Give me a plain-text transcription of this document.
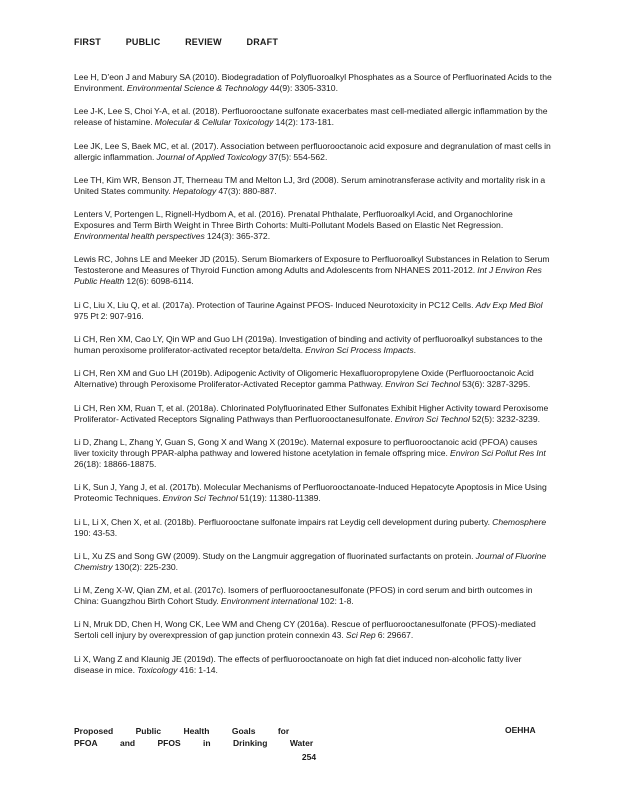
FIRST	PUBLIC	REVIEW	DRAFT

Lee H, D’eon J and Mabury SA (2010). Biodegradation of Polyfluoroalkyl Phosphates as a Source of Perfluorinated Acids to the Environment. Environmental Science & Technology 44(9): 3305-3310.

Lee J-K, Lee S, Choi Y-A, et al. (2018). Perfluorooctane sulfonate exacerbates mast cell-mediated allergic inflammation by the release of histamine. Molecular & Cellular Toxicology 14(2): 173-181.

Lee JK, Lee S, Baek MC, et al. (2017). Association between perfluorooctanoic acid exposure and degranulation of mast cells in allergic inflammation. Journal of Applied Toxicology 37(5): 554-562.

Lee TH, Kim WR, Benson JT, Therneau TM and Melton LJ, 3rd (2008). Serum aminotransferase activity and mortality risk in a United States community. Hepatology 47(3): 880-887.

Lenters V, Portengen L, Rignell-Hydbom A, et al. (2016). Prenatal Phthalate, Perfluoroalkyl Acid, and Organochlorine Exposures and Term Birth Weight in Three Birth Cohorts: Multi-Pollutant Models Based on Elastic Net Regression. Environmental health perspectives 124(3): 365-372.

Lewis RC, Johns LE and Meeker JD (2015). Serum Biomarkers of Exposure to Perfluoroalkyl Substances in Relation to Serum Testosterone and Measures of Thyroid Function among Adults and Adolescents from NHANES 2011-2012. Int J Environ Res Public Health 12(6): 6098-6114.

Li C, Liu X, Liu Q, et al. (2017a). Protection of Taurine Against PFOS- Induced Neurotoxicity in PC12 Cells. Adv Exp Med Biol 975 Pt 2: 907-916.

Li CH, Ren XM, Cao LY, Qin WP and Guo LH (2019a). Investigation of binding and activity of perfluoroalkyl substances to the human peroxisome proliferator-activated receptor beta/delta. Environ Sci Process Impacts.

Li CH, Ren XM and Guo LH (2019b). Adipogenic Activity of Oligomeric Hexafluoropropylene Oxide (Perfluorooctanoic Acid Alternative) through Peroxisome Proliferator-Activated Receptor gamma Pathway. Environ Sci Technol 53(6): 3287-3295.

Li CH, Ren XM, Ruan T, et al. (2018a). Chlorinated Polyfluorinated Ether Sulfonates Exhibit Higher Activity toward Peroxisome Proliferator- Activated Receptors Signaling Pathways than Perfluorooctanesulfonate. Environ Sci Technol 52(5): 3232-3239.

Li D, Zhang L, Zhang Y, Guan S, Gong X and Wang X (2019c). Maternal exposure to perfluorooctanoic acid (PFOA) causes liver toxicity through PPAR-alpha pathway and lowered histone acetylation in female offspring mice. Environ Sci Pollut Res Int 26(18): 18866-18875.

Li K, Sun J, Yang J, et al. (2017b). Molecular Mechanisms of Perfluorooctanoate-Induced Hepatocyte Apoptosis in Mice Using Proteomic Techniques. Environ Sci Technol 51(19): 11380-11389.

Li L, Li X, Chen X, et al. (2018b). Perfluorooctane sulfonate impairs rat Leydig cell development during puberty. Chemosphere 190: 43-53.

Li L, Xu ZS and Song GW (2009). Study on the Langmuir aggregation of fluorinated surfactants on protein. Journal of Fluorine Chemistry 130(2): 225-230.

Li M, Zeng X-W, Qian ZM, et al. (2017c). Isomers of perfluorooctanesulfonate (PFOS) in cord serum and birth outcomes in China: Guangzhou Birth Cohort Study. Environment international 102: 1-8.

Li N, Mruk DD, Chen H, Wong CK, Lee WM and Cheng CY (2016a). Rescue of perfluorooctanesulfonate (PFOS)-mediated Sertoli cell injury by overexpression of gap junction protein connexin 43. Sci Rep 6: 29667.

Li X, Wang Z and Klaunig JE (2019d). The effects of perfluorooctanoate on high fat diet induced non-alcoholic fatty liver disease in mice. Toxicology 416: 1-14.

Proposed	Public	Health	Goals	for
PFOA	and	PFOS	in	Drinking	Water
OEHHA
254
